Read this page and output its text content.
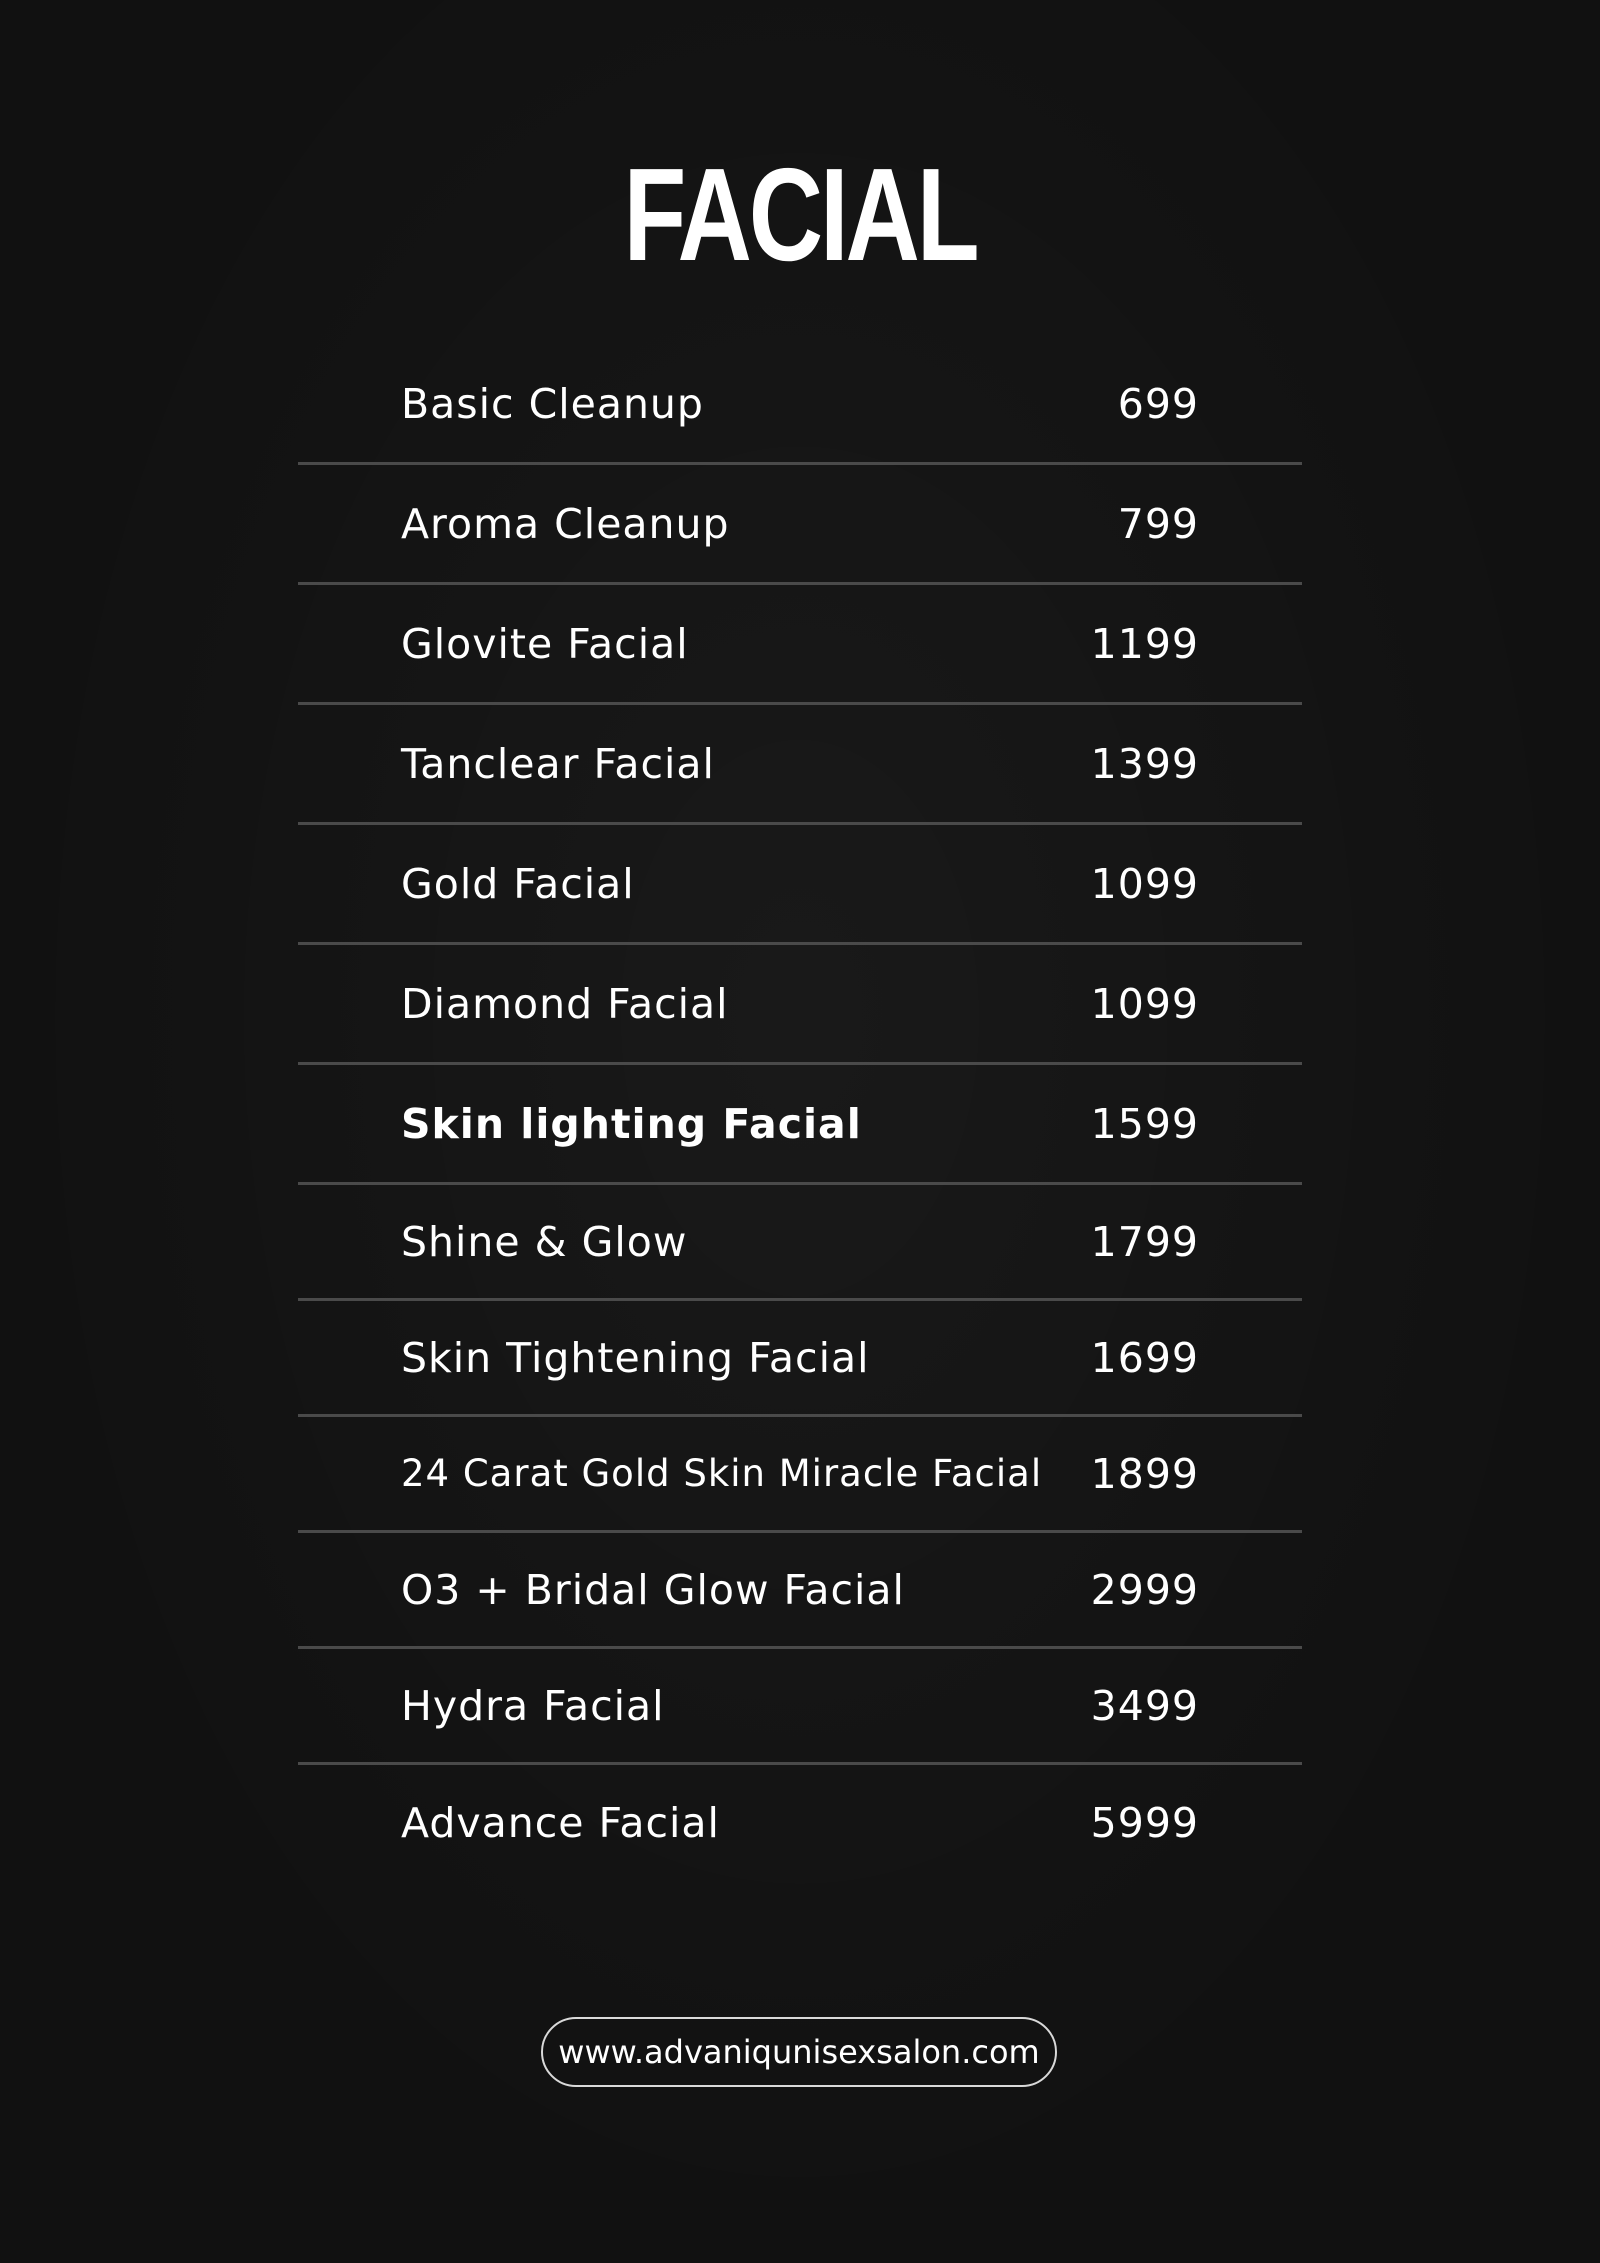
FACIAL
Basic Cleanup	699
Aroma Cleanup	799
Glovite Facial	1199
Tanclear Facial	1399
Gold Facial	1099
Diamond Facial	1099
Skin lighting Facial	1599
Shine & Glow	1799
Skin Tightening Facial	1699
24 Carat Gold Skin Miracle Facial 1899
O3 + Bridal Glow Facial	2999
Hydra Facial	3499
Advance Facial	5999
www.advaniqunisexsalon.com
